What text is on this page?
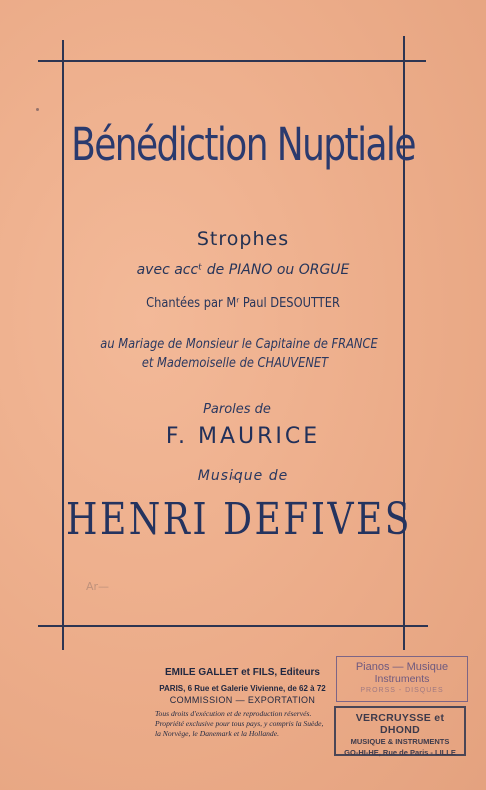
Bénédiction Nuptiale
Strophes
avec accᵗ de PIANO ou ORGUE
Chantées par Mʳ Paul DESOUTTER
au Mariage de Monsieur le Capitaine de FRANCE
et Mademoiselle de CHAUVENET
Paroles de
F. MAURICE
Musique de
HENRI DEFIVES
Ar—
EMILE GALLET et FILS, Editeurs
PARIS, 6 Rue et Galerie Vivienne, de 62 à 72
COMMISSION — EXPORTATION
Tous droits d'exécution et de reproduction réservés. Propriété exclusive pour tous pays, y compris la Suède, la Norvège, le Danemark et la Hollande.
Pianos — Musique
Instruments
PRORSS - DISQUES
VERCRUYSSE et DHOND
MUSIQUE & INSTRUMENTS
GO-HI-HE, Rue de Paris - LILLE
